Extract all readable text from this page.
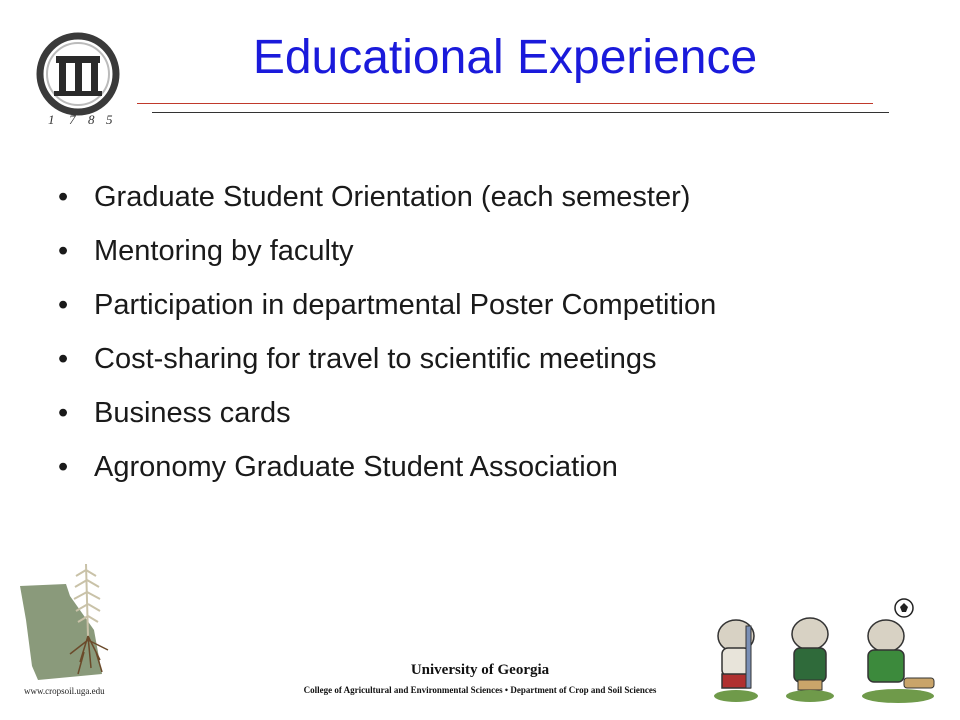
1 7 8 5
Educational Experience
• Graduate Student Orientation (each semester)
• Mentoring by faculty
• Participation in departmental Poster Competition
• Cost-sharing for travel to scientific meetings
• Business cards
• Agronomy Graduate Student Association
University of Georgia
College of Agricultural and Environmental Sciences • Department of Crop and Soil Sciences
www.cropsoil.uga.edu
